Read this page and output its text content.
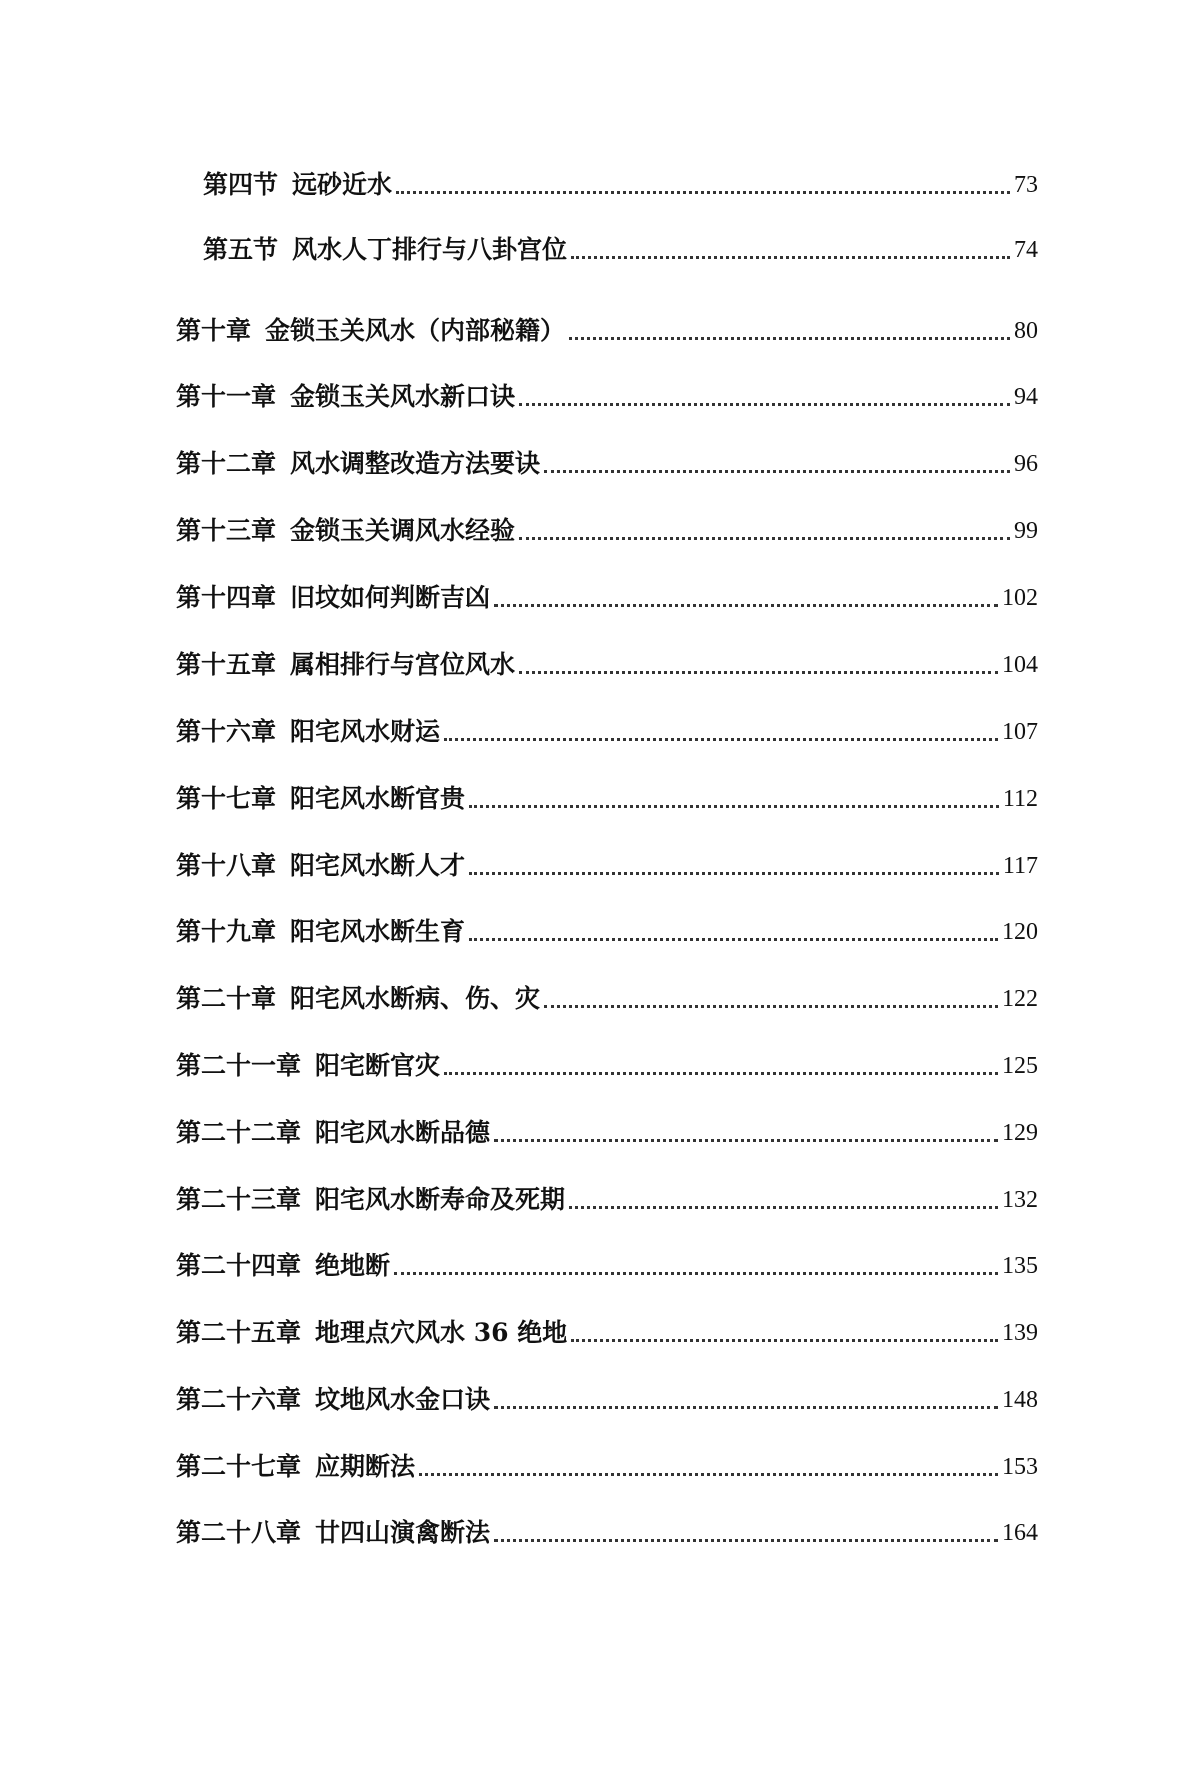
第四节 远砂近水	73
第五节 风水人丁排行与八卦宫位	74
第十章 金锁玉关风水（内部秘籍）	80
第十一章 金锁玉关风水新口诀	94
第十二章 风水调整改造方法要诀	96
第十三章 金锁玉关调风水经验	99
第十四章 旧坟如何判断吉凶	102
第十五章 属相排行与宫位风水	104
第十六章 阳宅风水财运	107
第十七章 阳宅风水断官贵	112
第十八章 阳宅风水断人才	117
第十九章 阳宅风水断生育	120
第二十章 阳宅风水断病、伤、灾	122
第二十一章 阳宅断官灾	125
第二十二章 阳宅风水断品德	129
第二十三章 阳宅风水断寿命及死期	132
第二十四章 绝地断	135
第二十五章 地理点穴风水 36 绝地	139
第二十六章 坟地风水金口诀	148
第二十七章 应期断法	153
第二十八章 廿四山演禽断法	164
